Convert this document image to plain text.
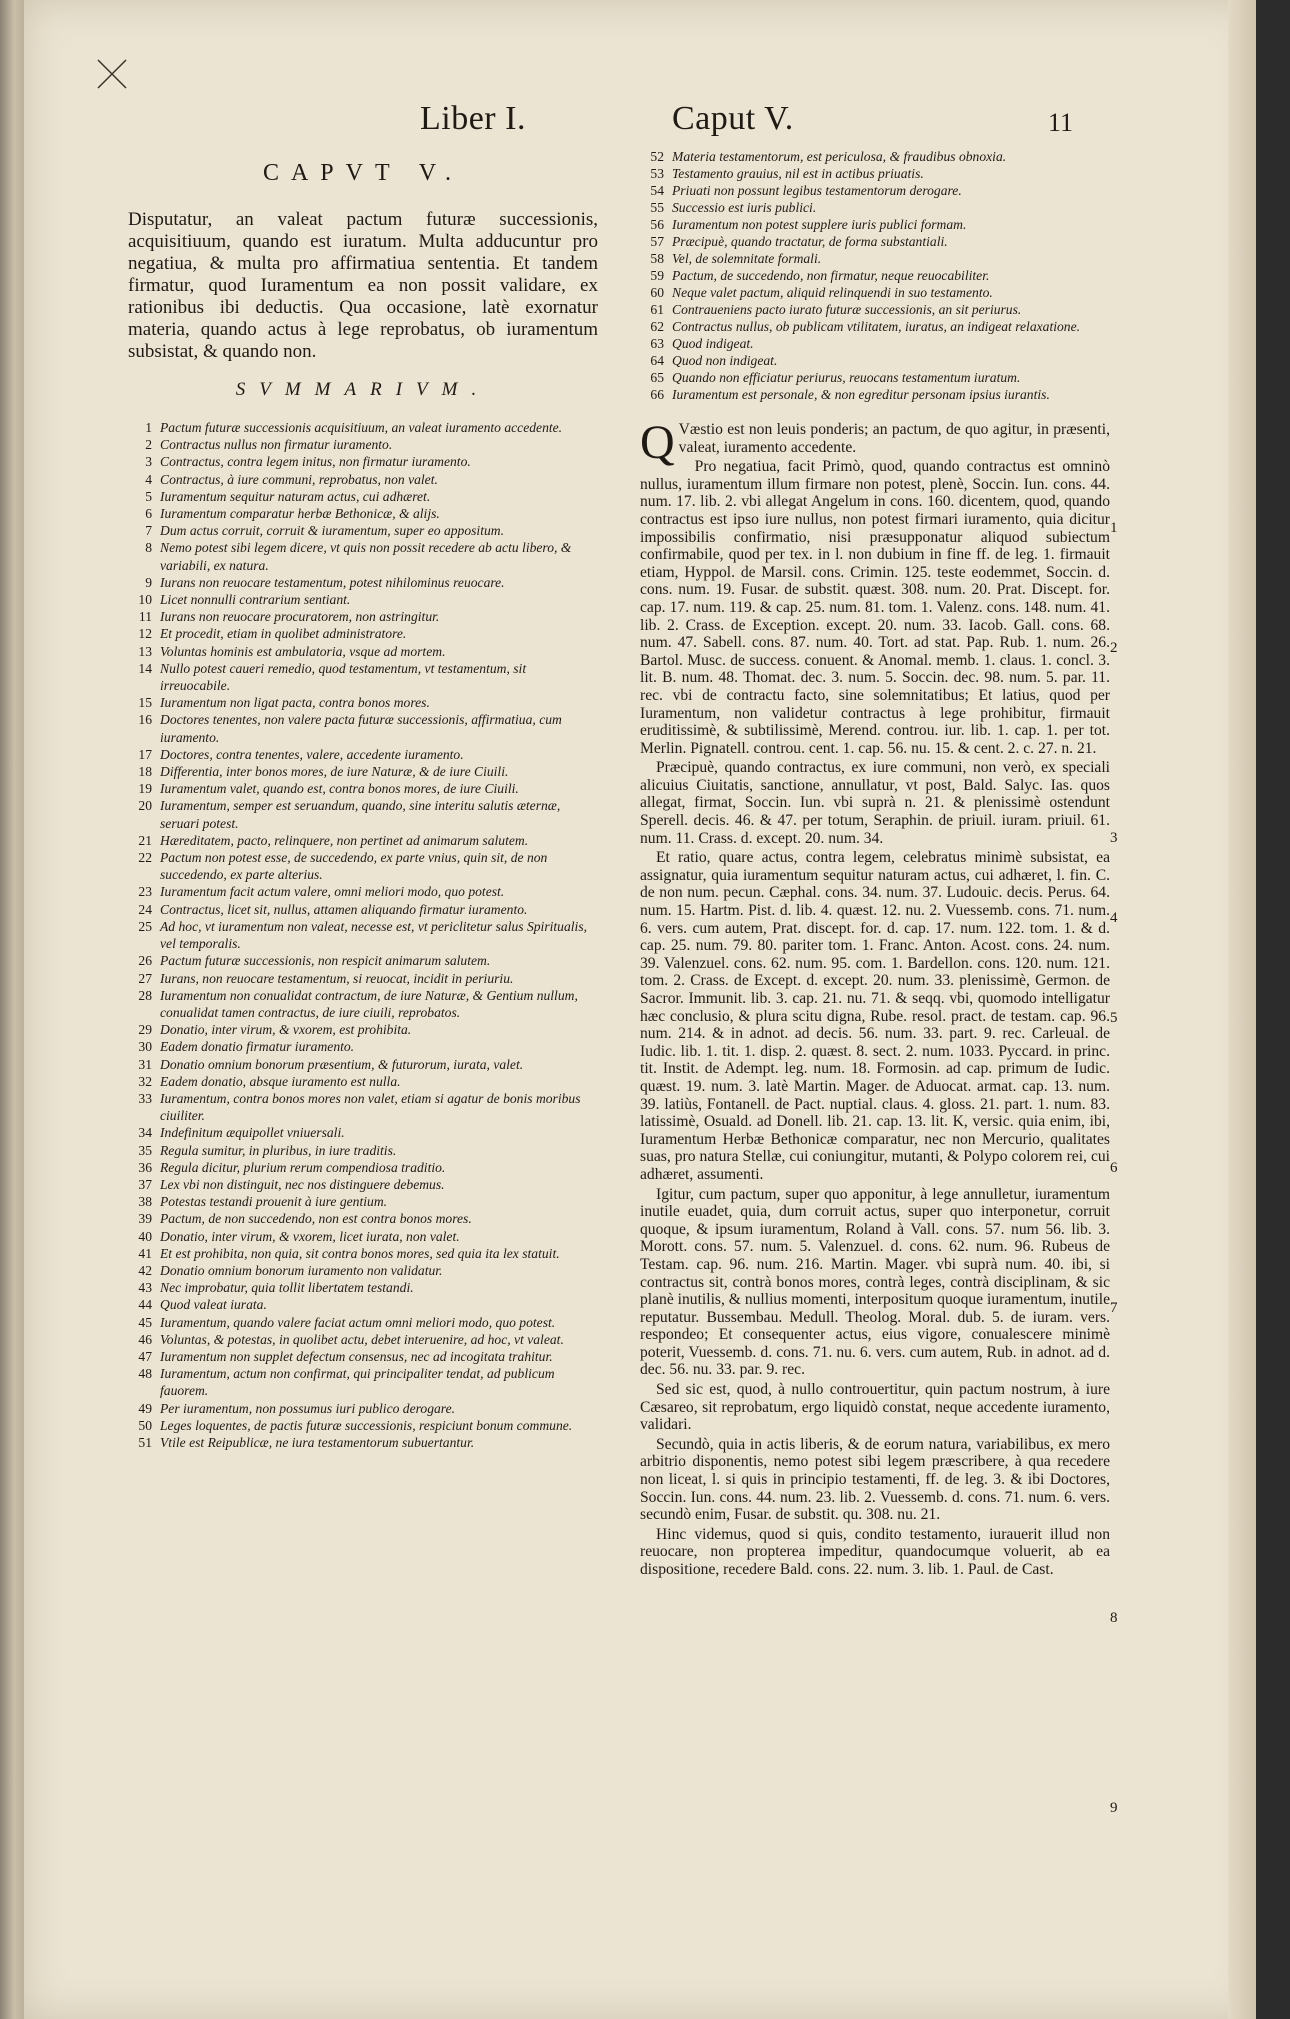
Liber I.	Caput V.	11
CAPVT V.

Disputatur, an valeat pactum futuræ successionis, acquisitiuum, quando est iuratum. Multa adducuntur pro negatiua, & multa pro affirmatiua sententia. Et tandem firmatur, quod Iuramentum ea non possit validare, ex rationibus ibi deductis. Qua occasione, latè exornatur materia, quando actus à lege reprobatus, ob iuramentum subsistat, & quando non.

SVMMARIVM.
1 Pactum futuræ successionis acquisitiuum, an valeat iuramento accedente.
2 Contractus nullus non firmatur iuramento.
3 Contractus, contra legem initus, non firmatur iuramento.
4 Contractus, à iure communi, reprobatus, non valet.
5 Iuramentum sequitur naturam actus, cui adhæret.
6 Iuramentum comparatur herbæ Bethonicæ, & alijs.
7 Dum actus corruit, corruit & iuramentum, super eo appositum.
8 Nemo potest sibi legem dicere, vt quis non possit recedere ab actu libero, & variabili, ex natura.
9 Iurans non reuocare testamentum, potest nihilominus reuocare.
10 Licet nonnulli contrarium sentiant.
11 Iurans non reuocare procuratorem, non astringitur.
12 Et procedit, etiam in quolibet administratore.
13 Voluntas hominis est ambulatoria, vsque ad mortem.
14 Nullo potest caueri remedio, quod testamentum, vt testamentum, sit irreuocabile.
15 Iuramentum non ligat pacta, contra bonos mores.
16 Doctores tenentes, non valere pacta futuræ successionis, affirmatiua, cum iuramento.
17 Doctores, contra tenentes, valere, accedente iuramento.
18 Differentia, inter bonos mores, de iure Naturæ, & de iure Ciuili.
19 Iuramentum valet, quando est, contra bonos mores, de iure Ciuili.
20 Iuramentum, semper est seruandum, quando, sine interitu salutis æternæ, seruari potest.
21 Hæreditatem, pacto, relinquere, non pertinet ad animarum salutem.
22 Pactum non potest esse, de succedendo, ex parte vnius, quin sit, de non succedendo, ex parte alterius.
23 Iuramentum facit actum valere, omni meliori modo, quo potest.
24 Contractus, licet sit, nullus, attamen aliquando firmatur iuramento.
25 Ad hoc, vt iuramentum non valeat, necesse est, vt periclitetur salus Spiritualis, vel temporalis.
26 Pactum futuræ successionis, non respicit animarum salutem.
27 Iurans, non reuocare testamentum, si reuocat, incidit in periuriu.
28 Iuramentum non conualidat contractum, de iure Naturæ, & Gentium nullum, conualidat tamen contractus, de iure ciuili, reprobatos.
29 Donatio, inter virum, & vxorem, est prohibita.
30 Eadem donatio firmatur iuramento.
31 Donatio omnium bonorum præsentium, & futurorum, iurata, valet.
32 Eadem donatio, absque iuramento est nulla.
33 Iuramentum, contra bonos mores non valet, etiam si agatur de bonis moribus ciuiliter.
34 Indefinitum æquipollet vniuersali.
35 Regula sumitur, in pluribus, in iure traditis.
36 Regula dicitur, plurium rerum compendiosa traditio.
37 Lex vbi non distinguit, nec nos distinguere debemus.
38 Potestas testandi prouenit à iure gentium.
39 Pactum, de non succedendo, non est contra bonos mores.
40 Donatio, inter virum, & vxorem, licet iurata, non valet.
41 Et est prohibita, non quia, sit contra bonos mores, sed quia ita lex statuit.
42 Donatio omnium bonorum iuramento non validatur.
43 Nec improbatur, quia tollit libertatem testandi.
44 Quod valeat iurata.
45 Iuramentum, quando valere faciat actum omni meliori modo, quo potest.
46 Voluntas, & potestas, in quolibet actu, debet interuenire, ad hoc, vt valeat.
47 Iuramentum non supplet defectum consensus, nec ad incogitata trahitur.
48 Iuramentum, actum non confirmat, qui principaliter tendat, ad publicum fauorem.
49 Per iuramentum, non possumus iuri publico derogare.
50 Leges loquentes, de pactis futuræ successionis, respiciunt bonum commune.
51 Vtile est Reipublicæ, ne iura testamentorum subuertantur.
52 Materia testamentorum, est periculosa, & fraudibus obnoxia.
53 Testamento grauius, nil est in actibus priuatis.
54 Priuati non possunt legibus testamentorum derogare.
55 Successio est iuris publici.
56 Iuramentum non potest supplere iuris publici formam.
57 Præcipuè, quando tractatur, de forma substantiali.
58 Vel, de solemnitate formali.
59 Pactum, de succedendo, non firmatur, neque reuocabiliter.
60 Neque valet pactum, aliquid relinquendi in suo testamento.
61 Contraueniens pacto iurato futuræ successionis, an sit periurus.
62 Contractus nullus, ob publicam vtilitatem, iuratus, an indigeat relaxatione.
63 Quod indigeat.
64 Quod non indigeat.
65 Quando non efficiatur periurus, reuocans testamentum iuratum.
66 Iuramentum est personale, & non egreditur personam ipsius iurantis.

Q Væstio est non leuis ponderis; an pactum, de quo agitur, in præsenti, valeat, iuramento accedente.

Pro negatiua, facit Primò, quod, quando contractus est omninò nullus, iuramentum illum firmare non potest, plenè, Soccin. Iun. cons. 44. num. 17. lib. 2. vbi allegat Angelum in cons. 160. dicentem, quod, quando contractus est ipso iure nullus, non potest firmari iuramento, quia dicitur impossibilis confirmatio, nisi præsupponatur aliquod subiectum confirmabile, quod per tex. in l. non dubium in fine ff. de leg. 1. firmauit etiam, Hyppol. de Marsil. cons. Crimin. 125. teste eodemmet, Soccin. d. cons. num. 19. Fusar. de substit. quæst. 308. num. 20. Prat. Discept. for. cap. 17. num. 119. & cap. 25. num. 81. tom. 1. Valenz. cons. 148. num. 41. lib. 2. Crass. de Exception. except. 20. num. 33. Iacob. Gall. cons. 68. num. 47. Sabell. cons. 87. num. 40. Tort. ad stat. Pap. Rub. 1. num. 26. Bartol. Musc. de success. conuent. & Anomal. memb. 1. claus. 1. concl. 3. lit. B. num. 48. Thomat. dec. 3. num. 5. Soccin. dec. 98. num. 5. par. 11. rec. vbi de contractu facto, sine solemnitatibus; Et latius, quod per Iuramentum, non validetur contractus à lege prohibitur, firmauit eruditissimè, & subtilissimè, Merend. controu. iur. lib. 1. cap. 1. per tot. Merlin. Pignatell. controu. cent. 1. cap. 56. nu. 15. & cent. 2. c. 27. n. 21.

Præcipuè, quando contractus, ex iure communi, non verò, ex speciali alicuius Ciuitatis, sanctione, annullatur, vt post, Bald. Salyc. Ias. quos allegat, firmat, Soccin. Iun. vbi suprà n. 21. & plenissimè ostendunt Sperell. decis. 46. & 47. per totum, Seraphin. de priuil. iuram. priuil. 61. num. 11. Crass. d. except. 20. num. 34.

Et ratio, quare actus, contra legem, celebratus minimè subsistat, ea assignatur, quia iuramentum sequitur naturam actus, cui adhæret, l. fin. C. de non num. pecun. Cæphal. cons. 34. num. 37. Ludouic. decis. Perus. 64. num. 15. Hartm. Pist. d. lib. 4. quæst. 12. nu. 2. Vuessemb. cons. 71. num. 6. vers. cum autem, Prat. discept. for. d. cap. 17. num. 122. tom. 1. & d. cap. 25. num. 79. 80. pariter tom. 1. Franc. Anton. Acost. cons. 24. num. 39. Valenzuel. cons. 62. num. 95. com. 1. Bardellon. cons. 120. num. 121. tom. 2. Crass. de Except. d. except. 20. num. 33. plenissimè, Germon. de Sacror. Immunit. lib. 3. cap. 21. nu. 71. & seqq. vbi, quomodo intelligatur hæc conclusio, & plura scitu digna, Rube. resol. pract. de testam. cap. 96. num. 214. & in adnot. ad decis. 56. num. 33. part. 9. rec. Carleual. de Iudic. lib. 1. tit. 1. disp. 2. quæst. 8. sect. 2. num. 1033. Pyccard. in princ. tit. Instit. de Adempt. leg. num. 18. Formosin. ad cap. primum de Iudic. quæst. 19. num. 3. latè Martin. Mager. de Aduocat. armat. cap. 13. num. 39. latiùs, Fontanell. de Pact. nuptial. claus. 4. gloss. 21. part. 1. num. 83. latissimè, Osuald. ad Donell. lib. 21. cap. 13. lit. K, versic. quia enim, ibi, Iuramentum Herbæ Bethonicæ comparatur, nec non Mercurio, qualitates suas, pro natura Stellæ, cui coniungitur, mutanti, & Polypo colorem rei, cui adhæret, assumenti.

Igitur, cum pactum, super quo apponitur, à lege annulletur, iuramentum inutile euadet, quia, dum corruit actus, super quo interponetur, corruit quoque, & ipsum iuramentum, Roland à Vall. cons. 57. num 56. lib. 3. Morott. cons. 57. num. 5. Valenzuel. d. cons. 62. num. 96. Rubeus de Testam. cap. 96. num. 216. Martin. Mager. vbi suprà num. 40. ibi, si contractus sit, contrà bonos mores, contrà leges, contrà disciplinam, & sic planè inutilis, & nullius momenti, interpositum quoque iuramentum, inutile reputatur. Bussembau. Medull. Theolog. Moral. dub. 5. de iuram. vers. respondeo; Et consequenter actus, eius vigore, conualescere minimè poterit, Vuessemb. d. cons. 71. nu. 6. vers. cum autem, Rub. in adnot. ad d. dec. 56. nu. 33. par. 9. rec.

Sed sic est, quod, à nullo controuertitur, quin pactum nostrum, à iure Cæsareo, sit reprobatum, ergo liquidò constat, neque accedente iuramento, validari.

Secundò, quia in actis liberis, & de eorum natura, variabilibus, ex mero arbitrio disponentis, nemo potest sibi legem præscribere, à qua recedere non liceat, l. si quis in principio testamenti, ff. de leg. 3. & ibi Doctores, Soccin. Iun. cons. 44. num. 23. lib. 2. Vuessemb. d. cons. 71. num. 6. vers. secundò enim, Fusar. de substit. qu. 308. nu. 21.

Hinc videmus, quod si quis, condito testamento, iurauerit illud non reuocare, non propterea impeditur, quandocumque voluerit, ab ea dispositione, recedere Bald. cons. 22. num. 3. lib. 1. Paul. de Cast.

1
2
3
4
5
6
7
8
9
